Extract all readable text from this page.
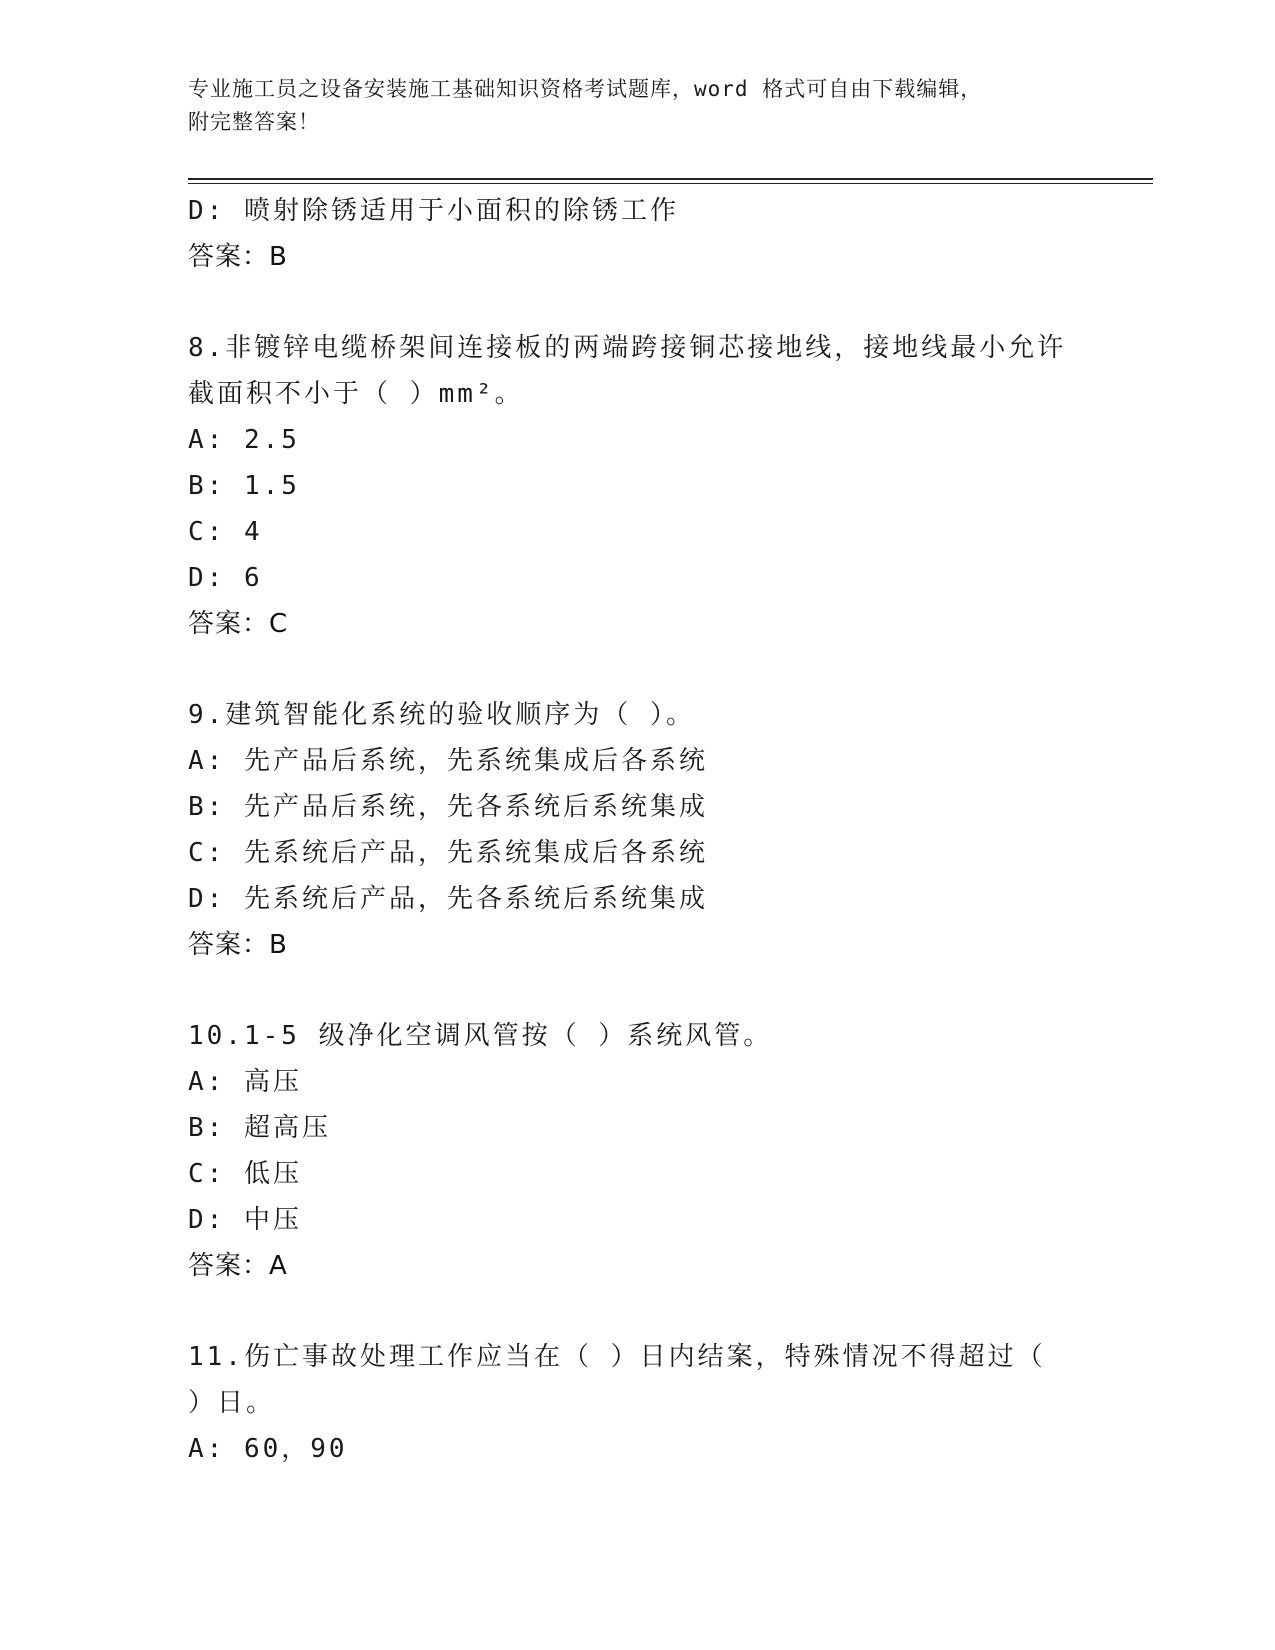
专业施工员之设备安装施工基础知识资格考试题库，word 格式可自由下载编辑，
附完整答案！
D: 喷射除锈适用于小面积的除锈工作
答案：B
8.非镀锌电缆桥架间连接板的两端跨接铜芯接地线，接地线最小允许截面积不小于（ ）mm²。
A: 2.5
B: 1.5
C: 4
D: 6
答案：C
9.建筑智能化系统的验收顺序为（ ）。
A: 先产品后系统，先系统集成后各系统
B: 先产品后系统，先各系统后系统集成
C: 先系统后产品，先系统集成后各系统
D: 先系统后产品，先各系统后系统集成
答案：B
10.1-5 级净化空调风管按（ ）系统风管。
A: 高压
B: 超高压
C: 低压
D: 中压
答案：A
11.伤亡事故处理工作应当在（ ）日内结案，特殊情况不得超过（ ）日。
A: 60，90
